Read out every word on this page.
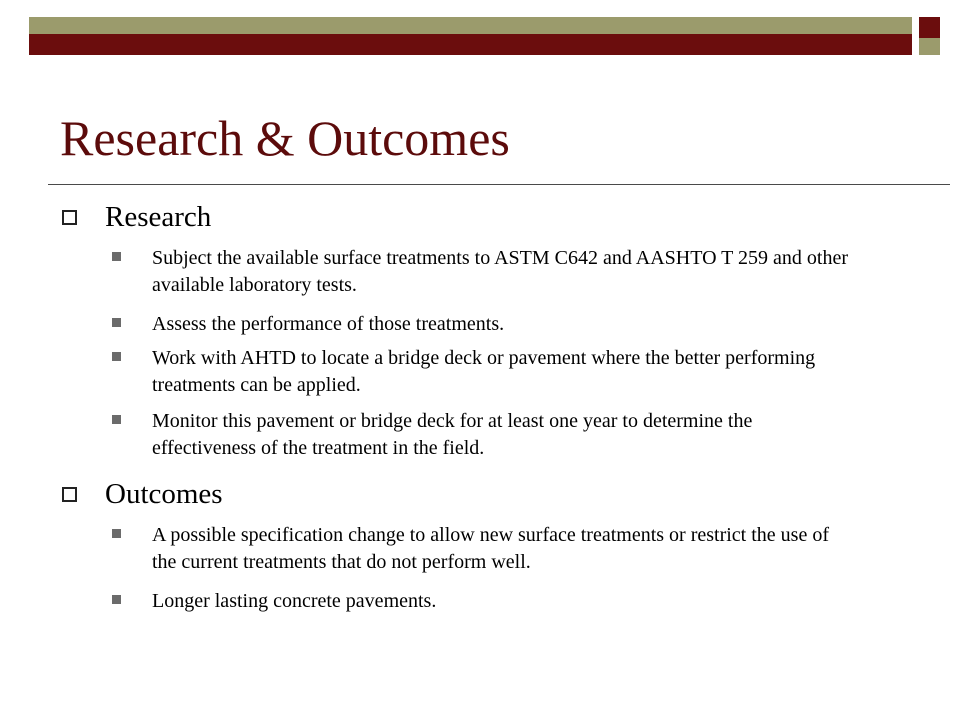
Research & Outcomes
Research
Subject the available surface treatments to ASTM C642 and AASHTO T 259 and other available laboratory tests.
Assess the performance of those treatments.
Work with AHTD to locate a bridge deck or pavement where the better performing treatments can be applied.
Monitor this pavement or bridge deck for at least one year to determine the effectiveness of the treatment in the field.
Outcomes
A possible specification change to allow new surface treatments or restrict the use of the current treatments that do not perform well.
Longer lasting concrete pavements.
